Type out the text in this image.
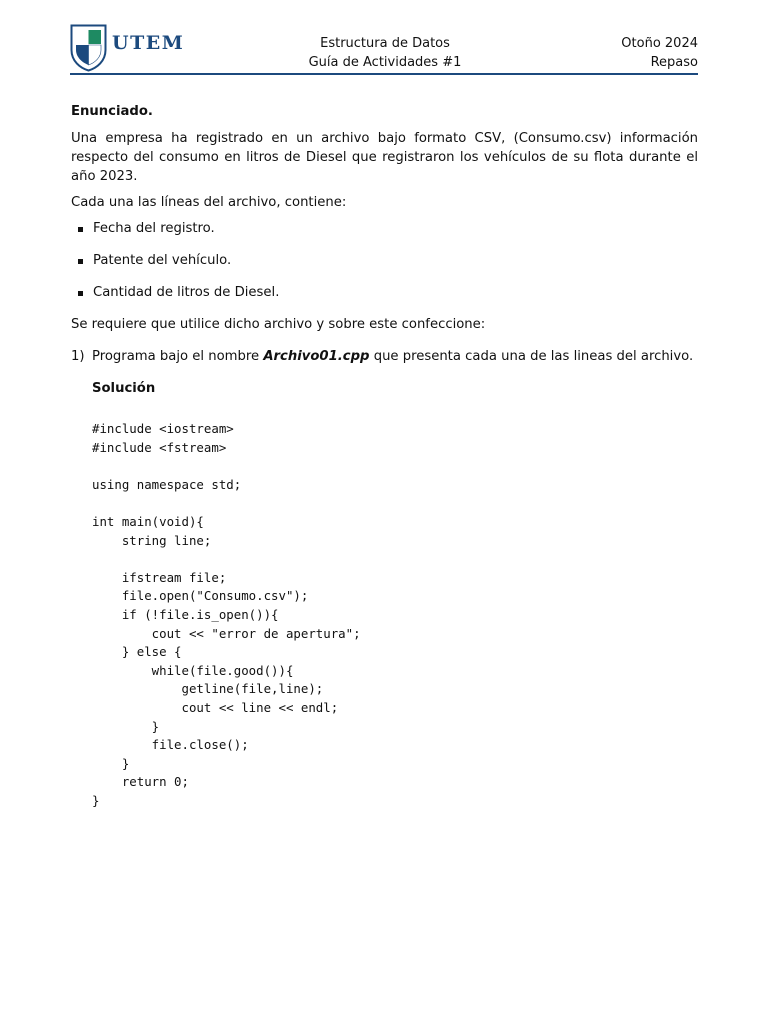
UTEM	Estructura de Datos
Guía de Actividades #1
Otoño 2024
Repaso
Enunciado.

Una empresa ha registrado en un archivo bajo formato CSV, (Consumo.csv) información respecto del consumo en litros de Diesel que registraron los vehículos de su flota durante el año 2023.

Cada una las líneas del archivo, contiene:

Fecha del registro.
Patente del vehículo.
Cantidad de litros de Diesel.

Se requiere que utilice dicho archivo y sobre este confeccione:

1) Programa bajo el nombre Archivo01.cpp que presenta cada una de las lineas del archivo.
Solución
#include <iostream>
#include <fstream>

using namespace std;

int main(void){
string line;

ifstream file;
file.open("Consumo.csv");
if (!file.is_open()){
cout << "error de apertura";
} else {
while(file.good()){
getline(file,line);
cout << line << endl;
}
file.close();
}
return 0;
}
